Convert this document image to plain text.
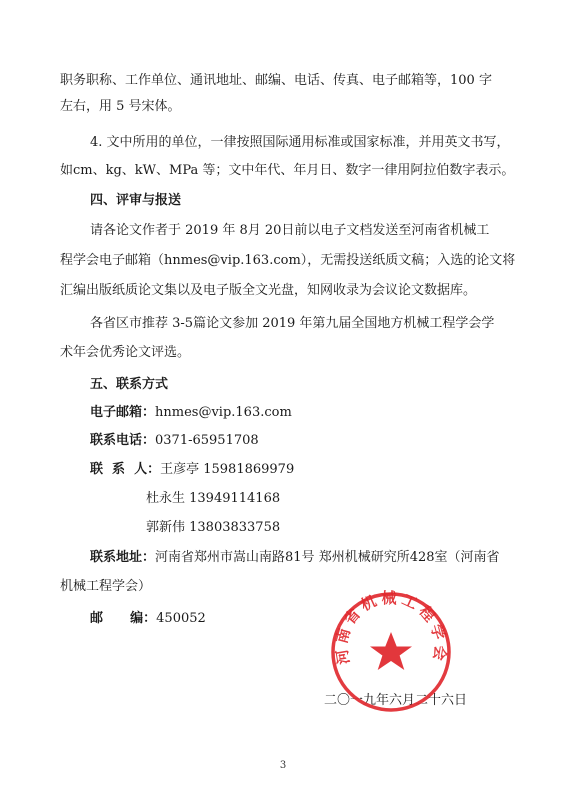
职务职称、工作单位、通讯地址、邮编、电话、传真、电子邮箱等，100 字
左右，用 5 号宋体。
4. 文中所用的单位，一律按照国际通用标准或国家标准，并用英文书写，
如cm、kg、kW、MPa 等；文中年代、年月日、数字一律用阿拉伯数字表示。
四、评审与报送
请各论文作者于 2019 年 8月 20日前以电子文档发送至河南省机械工
程学会电子邮箱（hnmes@vip.163.com），无需投送纸质文稿；入选的论文将
汇编出版纸质论文集以及电子版全文光盘，知网收录为会议论文数据库。
各省区市推荐 3-5篇论文参加 2019 年第九届全国地方机械工程学会学
术年会优秀论文评选。
五、联系方式
电子邮箱：hnmes@vip.163.com
联系电话：0371-65951708
联  系  人：王彦亭 15981869979
杜永生 13949114168
郭新伟 13803833758
联系地址：河南省郑州市嵩山南路81号 郑州机械研究所428室（河南省
机械工程学会）
邮      编：450052
二〇一九年六月二十六日
河南省机械工程学会
3
